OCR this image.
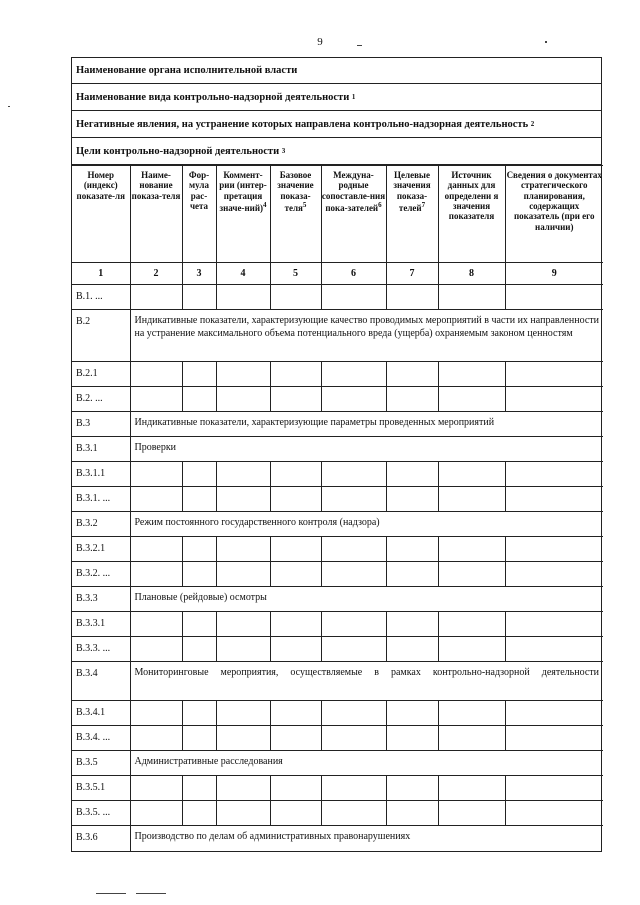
9
Наименование органа исполнительной власти
Наименование вида контрольно-надзорной деятельности
1
Негативные явления, на устранение которых направлена контрольно-надзорная деятельность
2
Цели контрольно-надзорной деятельности
3
Номер (индекс) показате-ля	Наиме-нование показа-теля	Фор-мула рас-чета	Коммент-рии (интер-претация значе-ний)$^4$	Базовое значение показа-теля$^5$	Междуна-родные сопоставле-ния пока-зателей$^6$	Целевые значения показа-телей$^7$	Источник данных для определени я значения показателя	Сведения о документах стратегического планирования, содержащих показатель (при его наличии)
1	2	3	4	5	6	7	8	9
В.1. ...								
В.2	Индикативные показатели, характеризующие качество проводимых мероприятий в части их направленности на устранение максимального объема потенциального вреда (ущерба) охраняемым законом ценностям							
В.2.1								
В.2. ...								
В.3	Индикативные показатели, характеризующие параметры проведенных мероприятий							
В.3.1	Проверки							
В.3.1.1								
В.3.1. ...								
В.3.2	Режим постоянного государственного контроля (надзора)							
В.3.2.1								
В.3.2. ...								
В.3.3	Плановые (рейдовые) осмотры							
В.3.3.1								
В.3.3. ...								
В.3.4	Мониторинговые мероприятия, осуществляемые в рамках контрольно-надзорной деятельности							
В.3.4.1								
В.3.4. ...								
В.3.5	Административные расследования							
В.3.5.1								
В.3.5. ...								
В.3.6	Производство по делам об административных правонарушениях							
